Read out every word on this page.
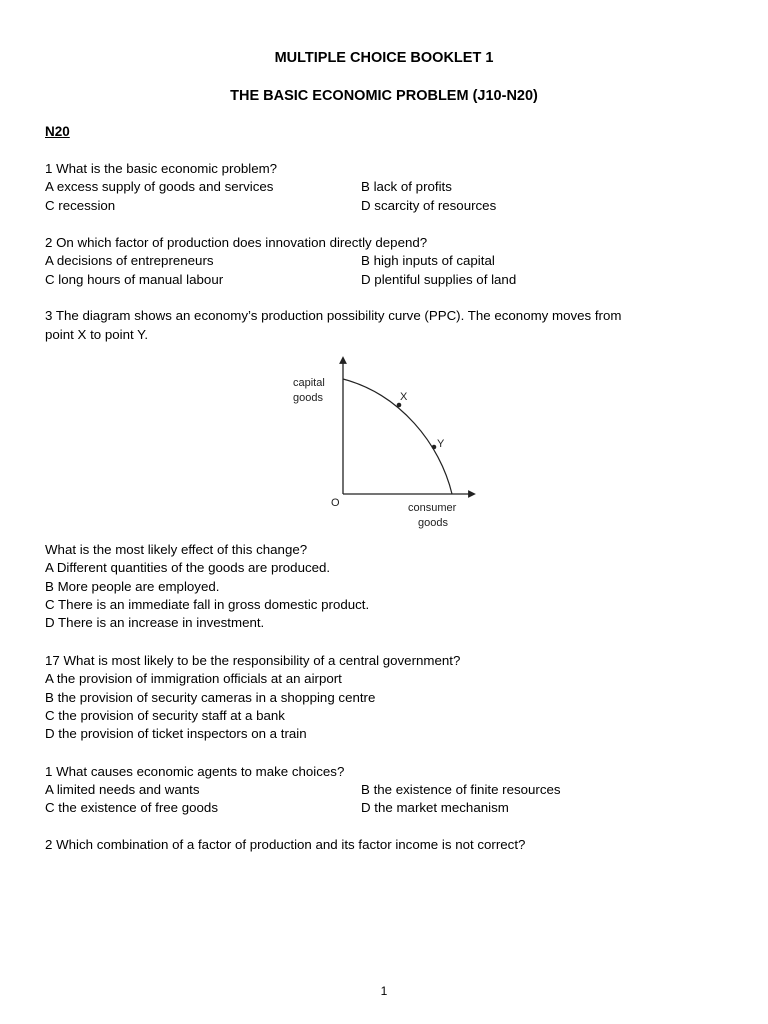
MULTIPLE CHOICE BOOKLET 1
THE BASIC ECONOMIC PROBLEM (J10-N20)
N20
1 What is the basic economic problem?
A excess supply of goods and services	B lack of profits
C recession	D scarcity of resources
2 On which factor of production does innovation directly depend?
A decisions of entrepreneurs	B high inputs of capital
C long hours of manual labour	D plentiful supplies of land
3 The diagram shows an economy’s production possibility curve (PPC). The economy moves from
point X to point Y.
capital
goods	X
Y
O	consumer
goods
What is the most likely effect of this change?
A Different quantities of the goods are produced.
B More people are employed.
C There is an immediate fall in gross domestic product.
D There is an increase in investment.
17 What is most likely to be the responsibility of a central government?
A the provision of immigration officials at an airport
B the provision of security cameras in a shopping centre
C the provision of security staff at a bank
D the provision of ticket inspectors on a train
1 What causes economic agents to make choices?
A limited needs and wants	B the existence of finite resources
C the existence of free goods	D the market mechanism
2 Which combination of a factor of production and its factor income is not correct?
1
